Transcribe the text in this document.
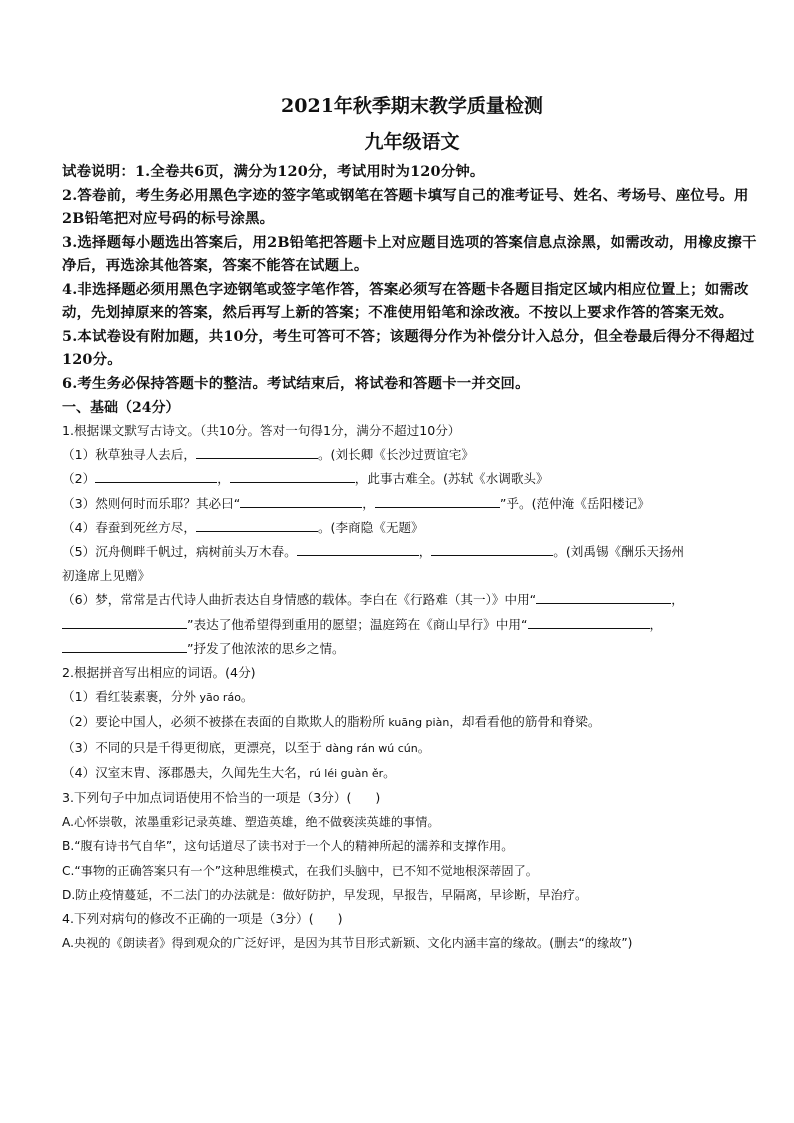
2021年秋季期末教学质量检测

九年级语文

试卷说明：1.全卷共6页，满分为120分，考试用时为120分钟。

2.答卷前，考生务必用黑色字迹的签字笔或钢笔在答题卡填写自己的准考证号、姓名、考场号、座位号。用2B铅笔把对应号码的标号涂黑。

3.选择题每小题选出答案后，用2B铅笔把答题卡上对应题目选项的答案信息点涂黑，如需改动，用橡皮擦干净后，再选涂其他答案，答案不能答在试题上。

4.非选择题必须用黑色字迹钢笔或签字笔作答，答案必须写在答题卡各题目指定区域内相应位置上；如需改动，先划掉原来的答案，然后再写上新的答案；不准使用铅笔和涂改液。不按以上要求作答的答案无效。

5.本试卷设有附加题，共10分，考生可答可不答；该题得分作为补偿分计入总分，但全卷最后得分不得超过120分。

6.考生务必保持答题卡的整洁。考试结束后，将试卷和答题卡一并交回。

一、基础（24分）

1.根据课文默写古诗文。（共10分。答对一句得1分，满分不超过10分）

（1）秋草独寻人去后，	。(刘长卿《长沙过贾谊宅》

（2）	，	，此事古难全。(苏轼《水调歌头》

（3）然则何时而乐耶？其必曰“	，	”乎。(范仲淹《岳阳楼记》

（4）春蚕到死丝方尽，	。(李商隐《无题》

（5）沉舟侧畔千帆过，病树前头万木春。	，	。(刘禹锡《酬乐天扬州
初逢席上见赠》

（6）梦，常常是古代诗人曲折表达自身情感的载体。李白在《行路难（其一）》中用“	，
”表达了他希望得到重用的愿望；温庭筠在《商山早行》中用“	，
”抒发了他浓浓的思乡之情。

2.根据拼音写出相应的词语。(4分)

（1）看红装素裹，分外 yāo ráo。

（2）要论中国人，必须不被搽在表面的自欺欺人的脂粉所 kuāng piàn，却看看他的筋骨和脊梁。

（3）不同的只是千得更彻底，更漂亮，以至于 dàng rán wú cún。

（4）汉室末胄、涿郡愚夫，久闻先生大名，rú léi guàn ěr。

3.下列句子中加点词语使用不恰当的一项是（3分）( )

A.心怀崇敬，浓墨重彩记录英雄、塑造英雄，绝不做亵渎英雄的事情。

B.“腹有诗书气自华”，这句话道尽了读书对于一个人的精神所起的濡养和支撑作用。

C.“事物的正确答案只有一个”这种思维模式，在我们头脑中，已不知不觉地根深蒂固了。

D.防止疫情蔓延，不二法门的办法就是：做好防护，早发现，早报告，早隔离，早诊断，早治疗。

4.下列对病句的修改不正确的一项是（3分）( )

A.央视的《朗读者》得到观众的广泛好评，是因为其节目形式新颖、文化内涵丰富的缘故。(删去“的缘故”)
